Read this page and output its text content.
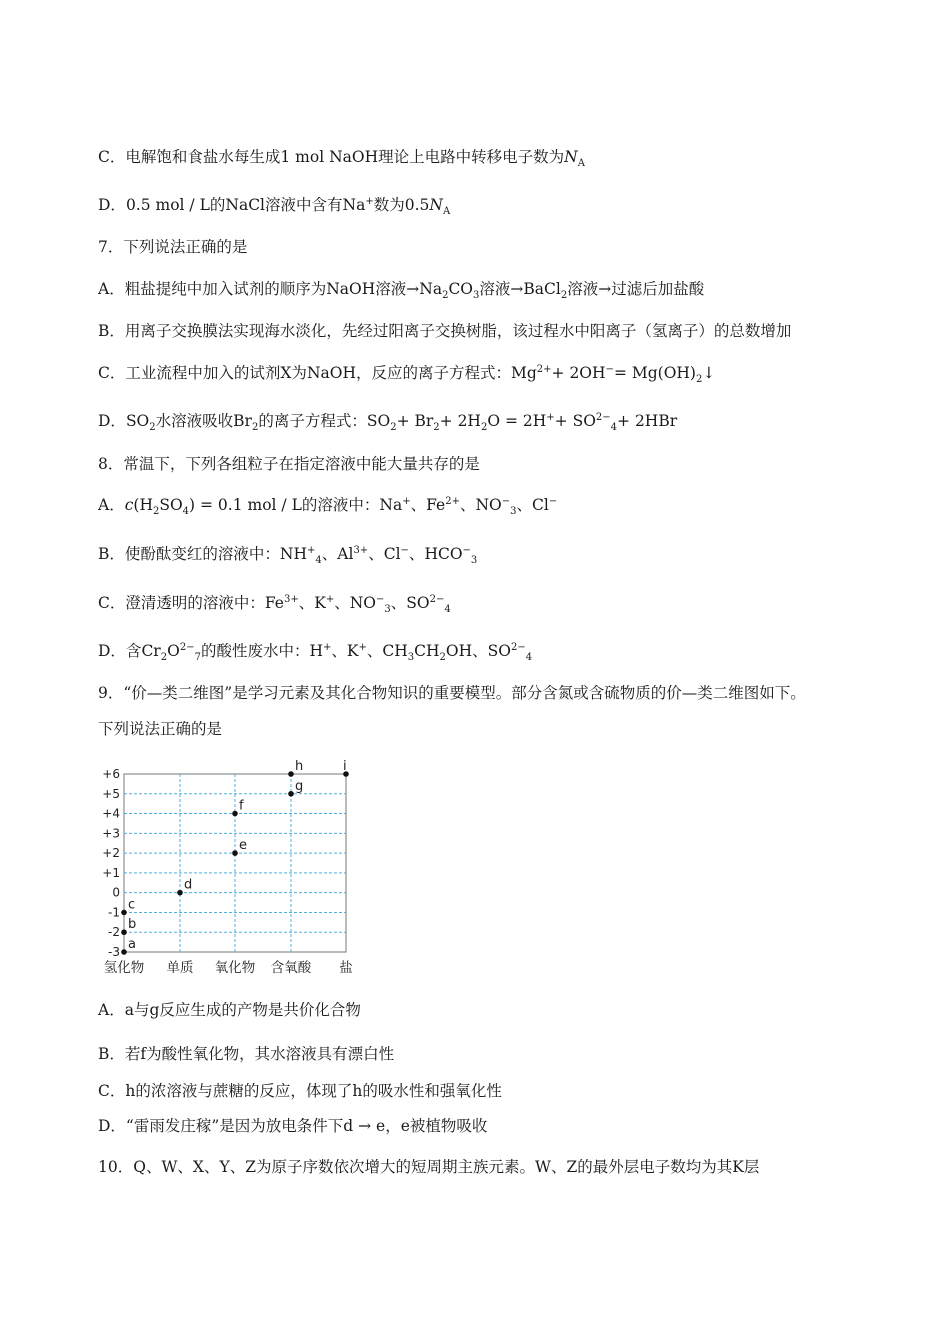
C．电解饱和食盐水每生成1 mol NaOH理论上电路中转移电子数为$N_A$
D．0.5 mol / L的NaCl溶液中含有Na+数为$0.5N_A$
7．下列说法正确的是
A．粗盐提纯中加入试剂的顺序为NaOH溶液$\to Na_2CO_3$溶液→BaCl$_2$溶液→过滤后加盐酸
B．用离子交换膜法实现海水淡化，先经过阳离子交换树脂，该过程水中阳离子（氢离子）的总数增加
C．工业流程中加入的试剂X为NaOH，反应的离子方程式：$Mg^{2+}+ 2OH^-=$ $Mg(OH)_2↓$
D．$SO_2$水溶液吸收$Br_2$的离子方程式：$SO_2+ Br_2+ 2H_2O = 2H^++ SO^{2-}_4+ 2HBr$
8．常温下，下列各组粒子在指定溶液中能大量共存的是
A．$c(H_2SO_4) = 0.1$ mol / L的溶液中：Na+、$Fe^{2+}$、$NO^-_3$、Cl−
B．使酚酞变红的溶液中：$NH^+_4$、$Al^{3+}$、Cl−、$HCO^-_3$
C．澄清透明的溶液中：$Fe^{3+}$、K+、$NO^-_3$、$SO^{2-}_4$
D．含$Cr_2O^{2-}_7$的酸性废水中：H+、K+、$CH_3CH_2OH$、$SO^{2-}_4$
9．“价—类二维图”是学习元素及其化合物知识的重要模型。部分含氮或含硫物质的价—类二维图如下。
下列说法正确的是
+6
+5
+4
+3
+2
+1
0
-1
-2
-3
氢化物 单质 氧化物 含氧酸 盐
a
b
c
d
e
f
g
h	i
A．a与g反应生成的产物是共价化合物
B．若f为酸性氧化物，其水溶液具有漂白性
C．h的浓溶液与蔗糖的反应，体现了h的吸水性和强氧化性
D．“雷雨发庄稼”是因为放电条件下d → e，e被植物吸收
10．Q、W、X、Y、Z为原子序数依次增大的短周期主族元素。W、Z的最外层电子数均为其K层
